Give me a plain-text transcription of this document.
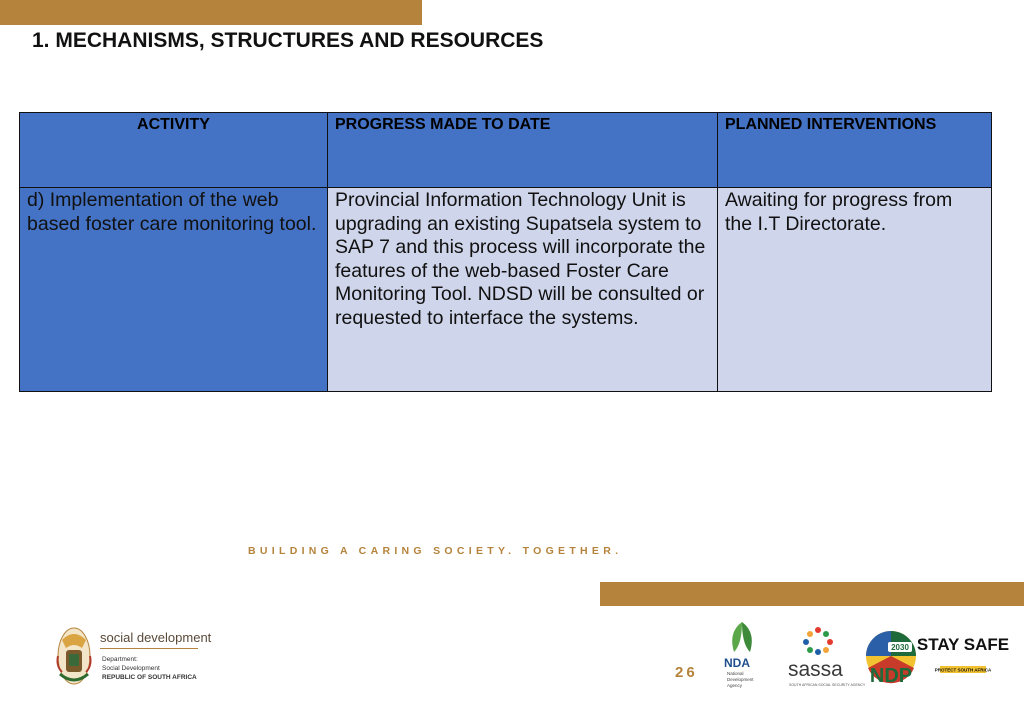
1. MECHANISMS, STRUCTURES AND RESOURCES
ACTIVITY	PROGRESS MADE TO DATE	PLANNED INTERVENTIONS
d) Implementation of the web based foster care monitoring tool.	Provincial Information Technology Unit is upgrading an existing Supatsela system to SAP 7 and this process will incorporate the features of the web-based Foster Care Monitoring Tool. NDSD will be consulted or requested to interface the systems.	Awaiting for progress from the I.T Directorate.
BUILDING A CARING SOCIETY. TOGETHER.
26
social development
Department:
Social Development
REPUBLIC OF SOUTH AFRICA
NDA
National
Development
Agency
sassa
SOUTH AFRICAN SOCIAL SECURITY AGENCY
2030
NDP
STAY SAFE
PROTECT SOUTH AFRICA
